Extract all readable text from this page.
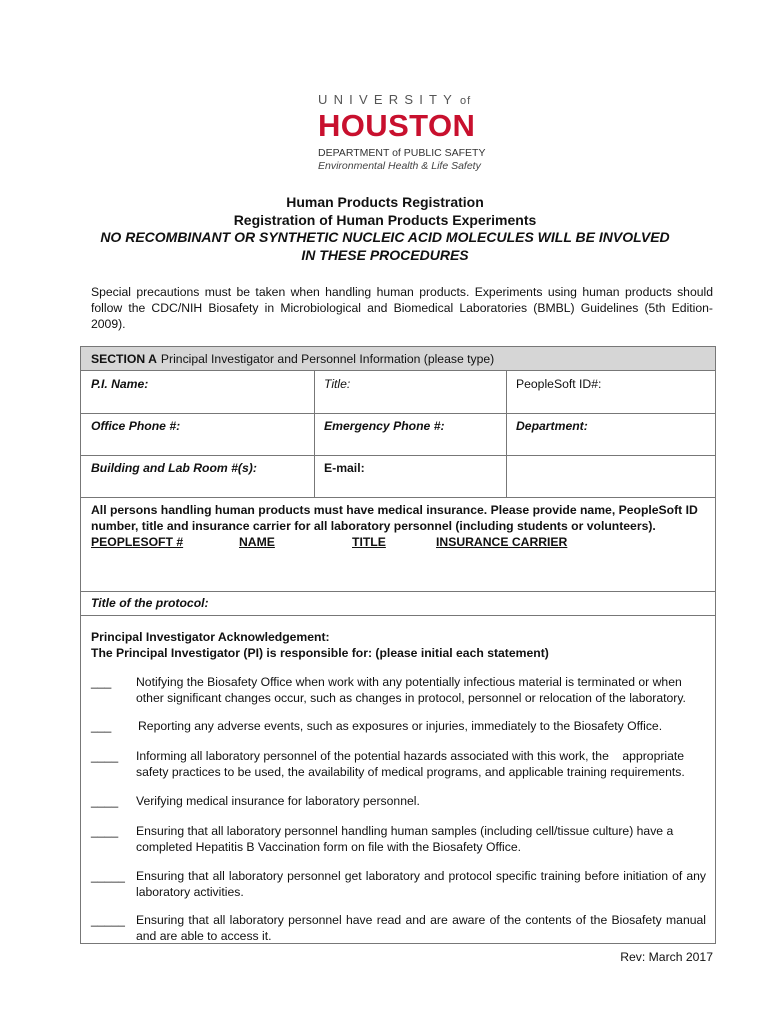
UNIVERSITY of
HOUSTON
DEPARTMENT of PUBLIC SAFETY
Environmental Health & Life Safety
Human Products Registration
Registration of Human Products Experiments
NO RECOMBINANT OR SYNTHETIC NUCLEIC ACID MOLECULES WILL BE INVOLVED
IN THESE PROCEDURES
Special precautions must be taken when handling human products. Experiments using human products should follow the CDC/NIH Biosafety in Microbiological and Biomedical Laboratories (BMBL) Guidelines (5th Edition-2009).
SECTION A Principal Investigator and Personnel Information (please type)
P.I. Name:	Title:	PeopleSoft ID#:
Office Phone #:	Emergency Phone #:	Department:
Building and Lab Room #(s):	E-mail:
All persons handling human products must have medical insurance. Please provide name, PeopleSoft ID number, title and insurance carrier for all laboratory personnel (including students or volunteers).
PEOPLESOFT #	NAME	TITLE	INSURANCE CARRIER
Title of the protocol:
Principal Investigator Acknowledgement:
The Principal Investigator (PI) is responsible for: (please initial each statement)
___ Notifying the Biosafety Office when work with any potentially infectious material is terminated or when other significant changes occur, such as changes in protocol, personnel or relocation of the laboratory.
___ Reporting any adverse events, such as exposures or injuries, immediately to the Biosafety Office.
____ Informing all laboratory personnel of the potential hazards associated with this work, the    appropriate safety practices to be used, the availability of medical programs, and applicable training requirements.
____ Verifying medical insurance for laboratory personnel.
____ Ensuring that all laboratory personnel handling human samples (including cell/tissue culture) have a  completed Hepatitis B Vaccination form on file with the Biosafety Office.
_____ Ensuring that all laboratory personnel get laboratory and protocol specific training before initiation of any laboratory activities.
_____ Ensuring that all laboratory personnel have read and are aware of the contents of the Biosafety manual and are able to access it.
Rev: March 2017
